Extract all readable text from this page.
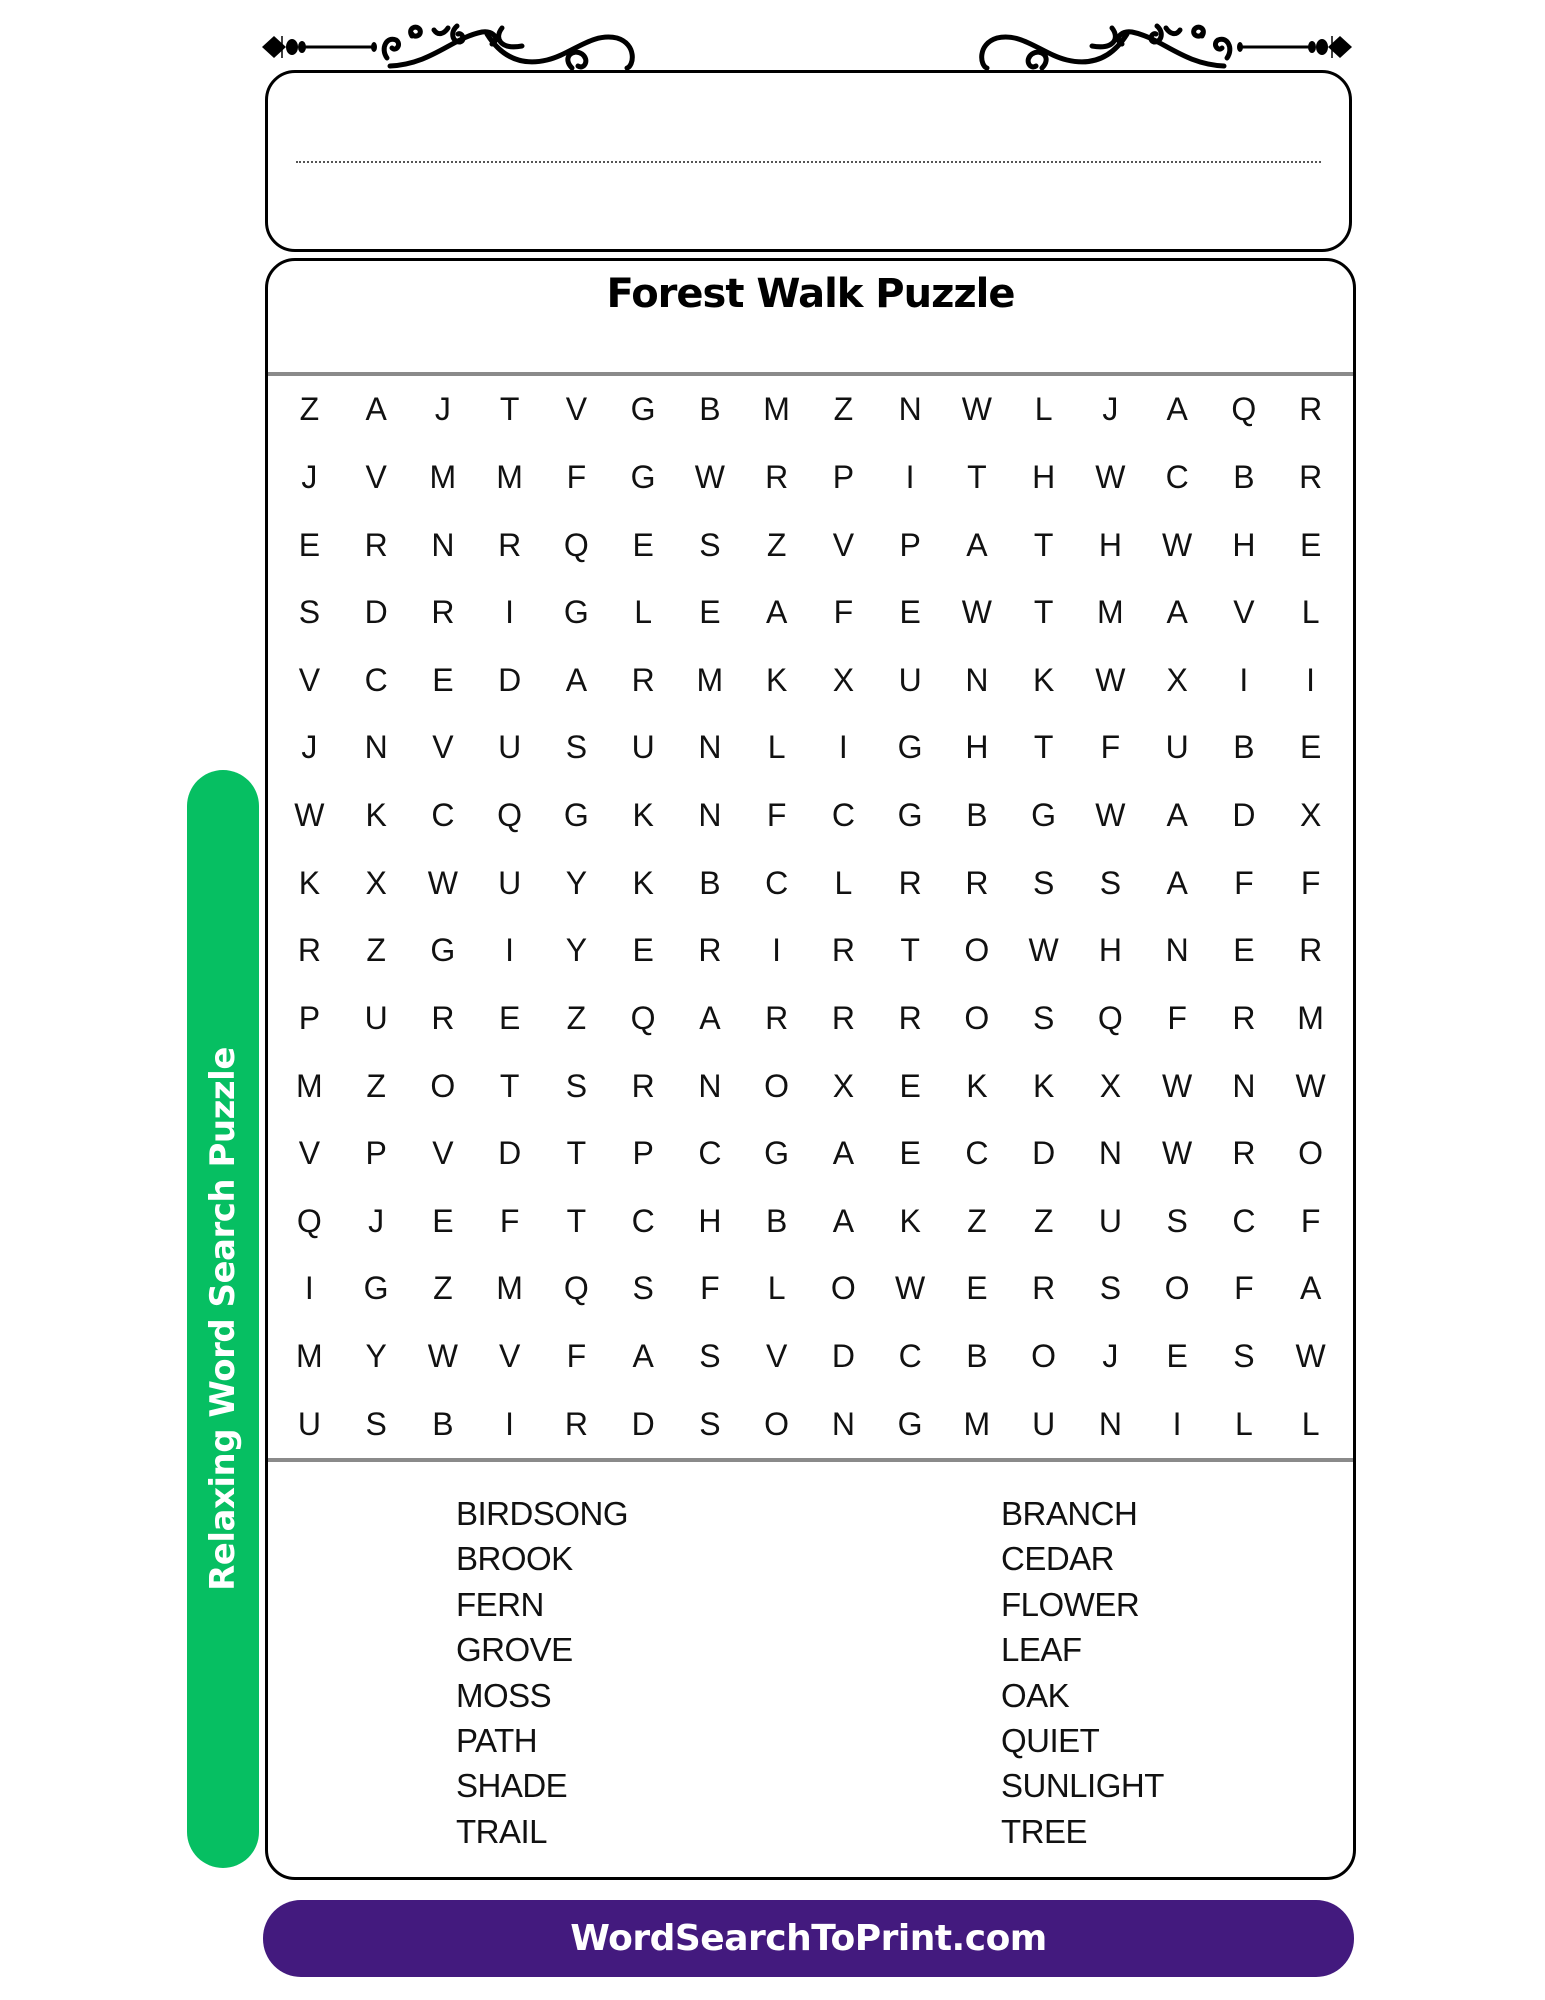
Relaxing Word Search Puzzle
Forest Walk Puzzle
Z	A	J	T	V	G	B	M	Z	N	W	L	J	A	Q	R
J	V	M	M	F	G	W	R	P	I	T	H	W	C	B	R
E	R	N	R	Q	E	S	Z	V	P	A	T	H	W	H	E
S	D	R	I	G	L	E	A	F	E	W	T	M	A	V	L
V	C	E	D	A	R	M	K	X	U	N	K	W	X	I	I
J	N	V	U	S	U	N	L	I	G	H	T	F	U	B	E
W	K	C	Q	G	K	N	F	C	G	B	G	W	A	D	X
K	X	W	U	Y	K	B	C	L	R	R	S	S	A	F	F
R	Z	G	I	Y	E	R	I	R	T	O	W	H	N	E	R
P	U	R	E	Z	Q	A	R	R	R	O	S	Q	F	R	M
M	Z	O	T	S	R	N	O	X	E	K	K	X	W	N	W
V	P	V	D	T	P	C	G	A	E	C	D	N	W	R	O
Q	J	E	F	T	C	H	B	A	K	Z	Z	U	S	C	F
I	G	Z	M	Q	S	F	L	O	W	E	R	S	O	F	A
M	Y	W	V	F	A	S	V	D	C	B	O	J	E	S	W
U	S	B	I	R	D	S	O	N	G	M	U	N	I	L	L
BIRDSONG
BROOK
FERN
GROVE
MOSS
PATH
SHADE
TRAIL
BRANCH
CEDAR
FLOWER
LEAF
OAK
QUIET
SUNLIGHT
TREE
WordSearchToPrint.com
